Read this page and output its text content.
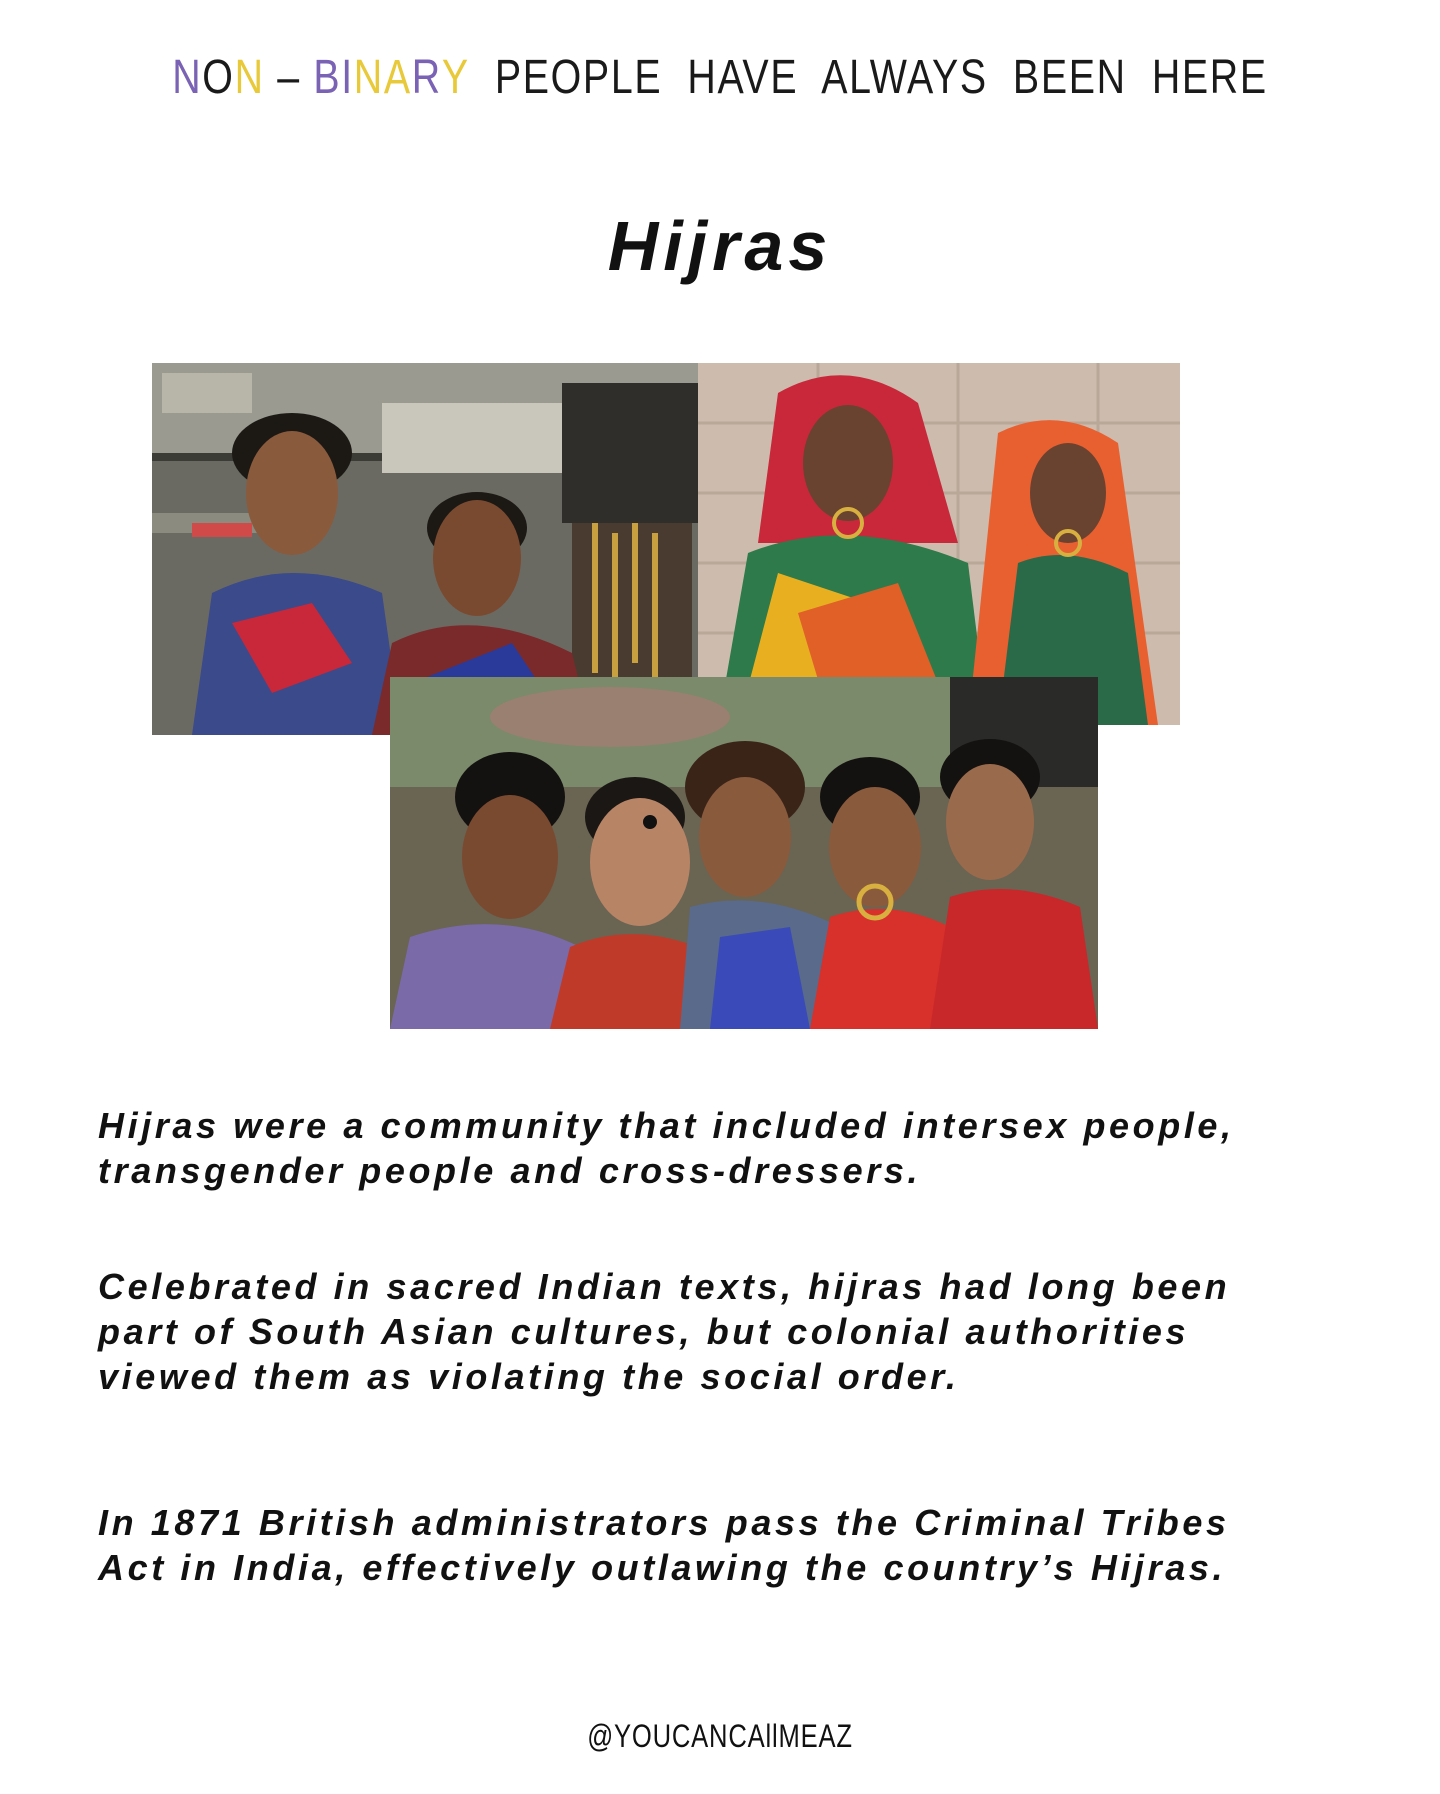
NON – BINARY  PEOPLE  HAVE  ALWAYS  BEEN  HERE
Hijras

Hijras were a community that included intersex people, transgender people and cross-dressers.

Celebrated in sacred Indian texts, hijras had long been part of South Asian cultures, but colonial authorities viewed them as violating the social order.

In 1871 British administrators pass the Criminal Tribes Act in India, effectively outlawing the country’s Hijras.

@YOUCANCAllMEAZ
